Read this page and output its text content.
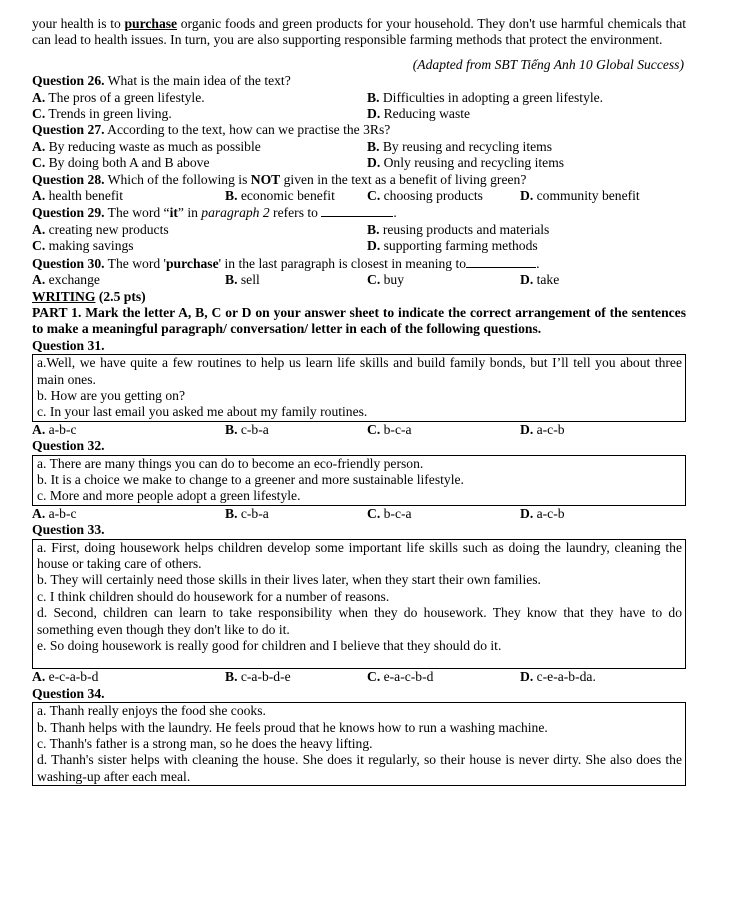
your health is to purchase organic foods and green products for your household. They don't use harmful chemicals that can lead to health issues. In turn, you are also supporting responsible farming methods that protect the environment.

(Adapted from SBT Tiếng Anh 10 Global Success)

Question 26. What is the main idea of the text?

A. The pros of a green lifestyle.	B. Difficulties in adopting a green lifestyle.
C. Trends in green living.	D. Reducing waste

Question 27. According to the text, how can we practise the 3Rs?

A. By reducing waste as much as possible	B. By reusing and recycling items
C. By doing both A and B above	D. Only reusing and recycling items

Question 28. Which of the following is NOT given in the text as a benefit of living green?

A. health benefit	B. economic benefit	C. choosing products	D. community benefit

Question 29. The word “it” in paragraph 2 refers to	.

A. creating new products	B. reusing products and materials
C. making savings	D. supporting farming methods

Question 30. The word 'purchase' in the last paragraph is closest in meaning to	.

A. exchange	B. sell	C. buy	D. take

WRITING (2.5 pts)

PART 1. Mark the letter A, B, C or D on your answer sheet to indicate the correct arrangement of the sentences to make a meaningful paragraph/ conversation/ letter in each of the following questions.

Question 31.

a.Well, we have quite a few routines to help us learn life skills and build family bonds, but I’ll tell you about three main ones.

b. How are you getting on?

c. In your last email you asked me about my family routines.

A. a-b-c	B. c-b-a	C. b-c-a	D. a-c-b

Question 32.

a. There are many things you can do to become an eco-friendly person.

b. It is a choice we make to change to a greener and more sustainable lifestyle.

c. More and more people adopt a green lifestyle.

A. a-b-c	B. c-b-a	C. b-c-a	D. a-c-b

Question 33.

a. First, doing housework helps children develop some important life skills such as doing the laundry, cleaning the house or taking care of others.

b. They will certainly need those skills in their lives later, when they start their own families.

c. I think children should do housework for a number of reasons.

d. Second, children can learn to take responsibility when they do housework. They know that they have to do something even though they don't like to do it.

e. So doing housework is really good for children and I believe that they should do it.

A. e-c-a-b-d	B. c-a-b-d-e	C. e-a-c-b-d	D. c-e-a-b-da.

Question 34.

a. Thanh really enjoys the food she cooks.

b. Thanh helps with the laundry. He feels proud that he knows how to run a washing machine.

c. Thanh's father is a strong man, so he does the heavy lifting.

d. Thanh's sister helps with cleaning the house. She does it regularly, so their house is never dirty. She also does the washing-up after each meal.
